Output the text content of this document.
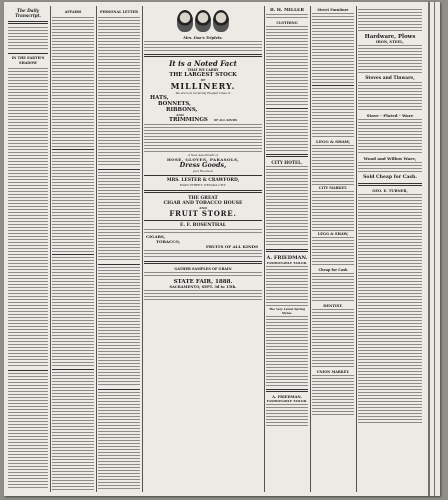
The Daily Transcript.
IN THE EARTH'S SHADOW
AFFAIRS	PERSONAL LETTER
Mrs. Doe's Triplets.
It is a Noted Fact
THAT WE CARRY
THE LARGEST STOCK
OF
MILLINERY.
We are now receiving Elegant Lines of
HATS,
BONNETS,
RIBBONS,
AND
TRIMMINGS OF ALL KINDS
A New Assortment of
HOSE, GLOVES, PARASOLS,
Dress Goods,
-Just Received.
MRS. LESTER & CRAWFORD,
MAIN STREET, NEVADA CITY.
THE GREAT
CIGAR AND TOBACCO HOUSE
AND
FRUIT STORE.
E. F. ROSENTHAL
CIGARS,
TOBACCO,
FRUITS OF ALL KINDS
GATHER SAMPLES OF GRAIN
STATE FAIR, 1888.
SACRAMENTO, SEPT. 3d to 15th.
B. H. MILLER
CLOTHING
CITY HOTEL.
A. FRIEDMAN.
FASHIONABLE TAILOR.
The Very Latest Spring Styles.
A. FRIEDMAN.
FASHIONABLE TAILOR.
Street Furniture
LEGG & SHAW,
CITY MARKET.
LEGG & SHAW,
Cheap for Cash
DENTIST.
UNION MARKET.
Hardware, Plows
IRON, STEEL,
Stoves and Tinware,
Stove - Plated - Ware
Wood and Willow Ware,
Sold Cheap for Cash.
GEO. E. TURNER,
